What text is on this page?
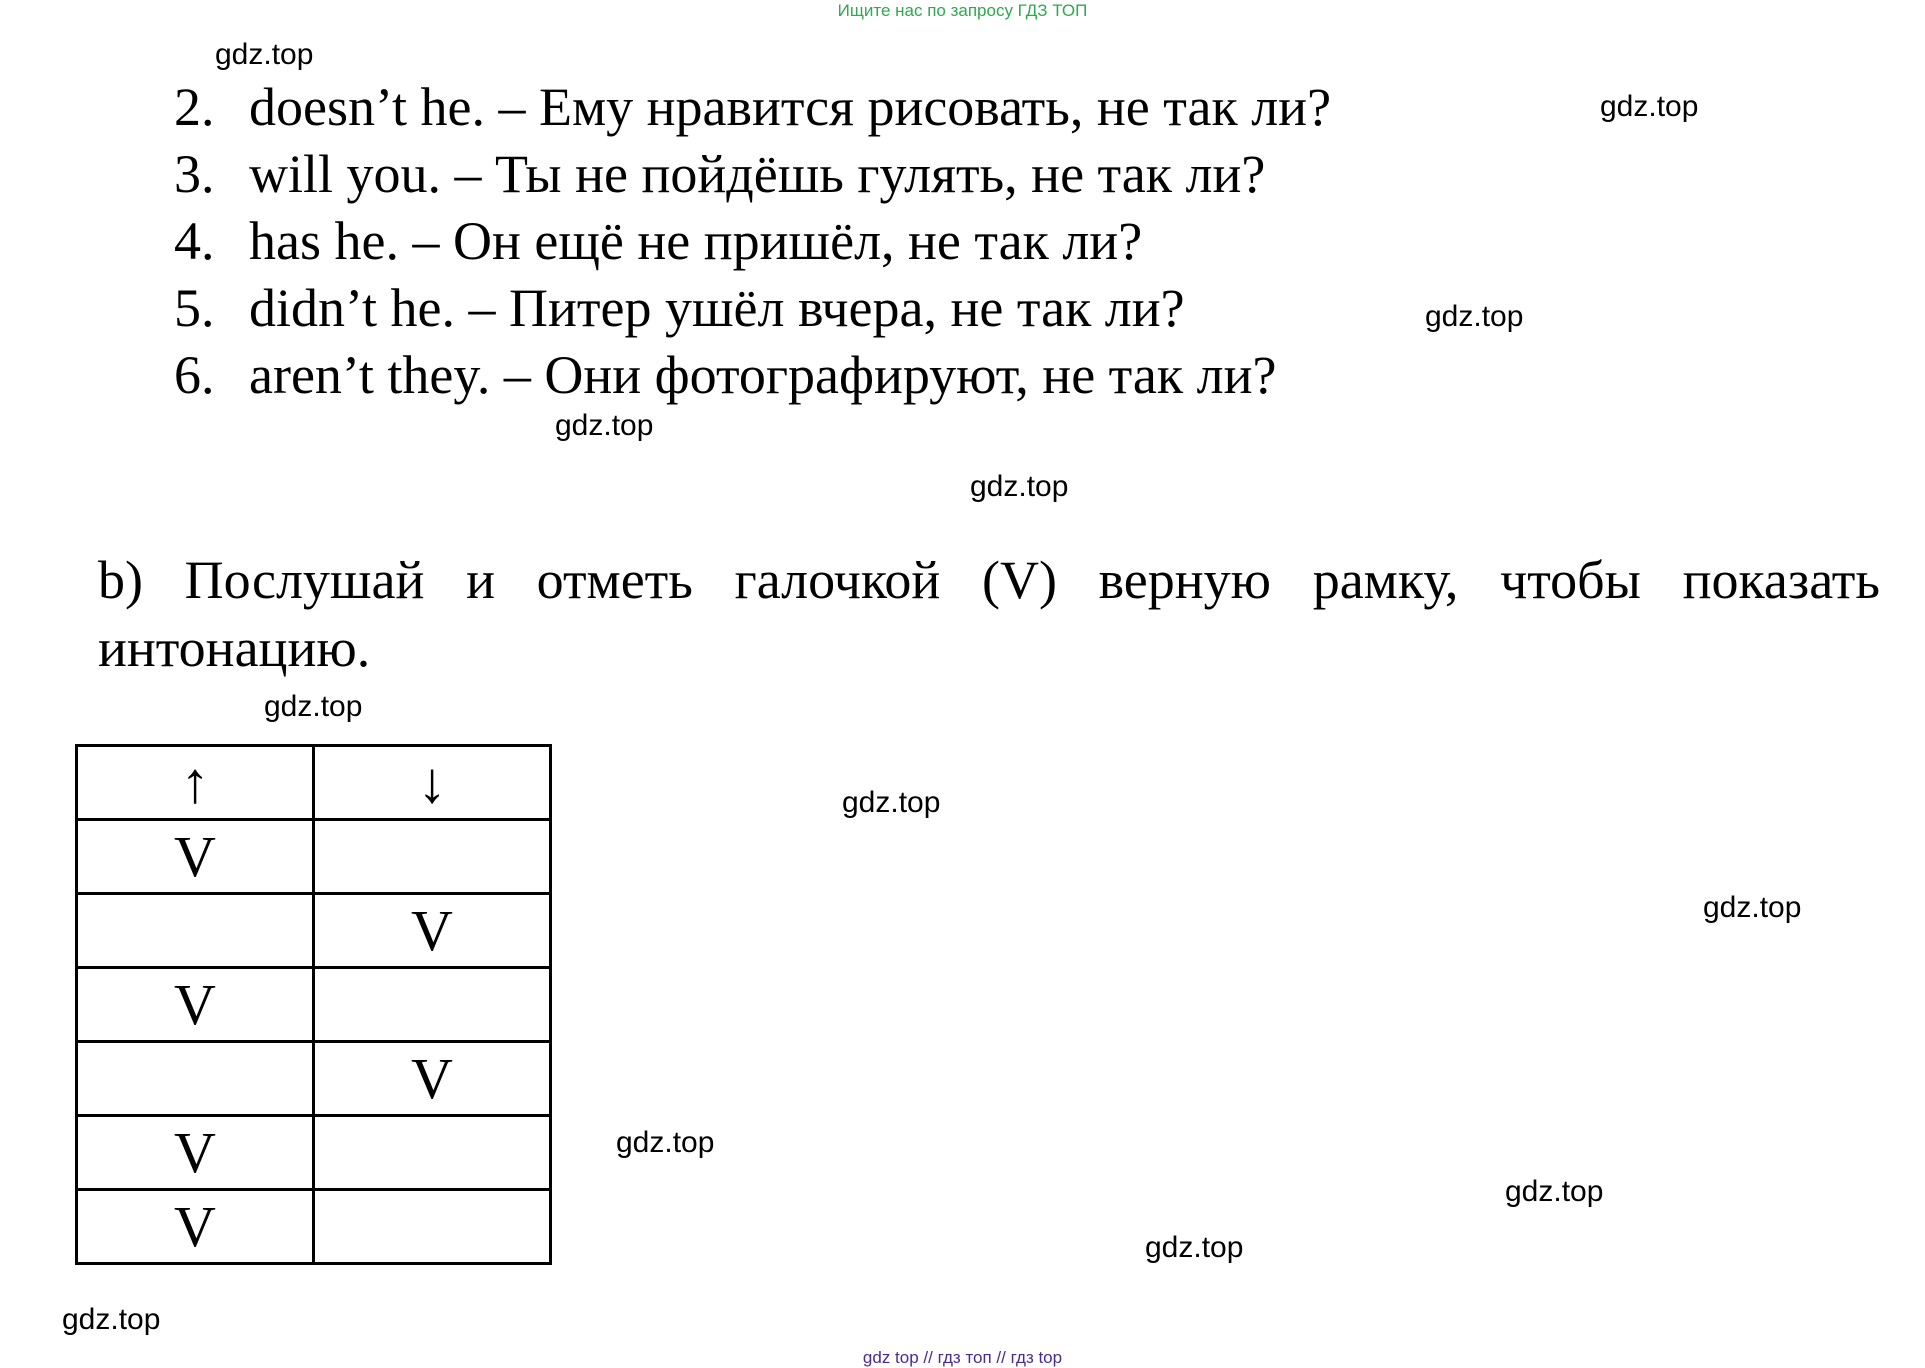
Ищите нас по запросу ГДЗ ТОП
2. doesn’t he. – Ему нравится рисовать, не так ли?
3. will you. – Ты не пойдёшь гулять, не так ли?
4. has he. – Он ещё не пришёл, не так ли?
5. didn’t he. – Питер ушёл вчера, не так ли?
6. aren’t they. – Они фотографируют, не так ли?
b) Послушай и отметь галочкой (V) верную рамку, чтобы показать интонацию.
↑	↓
V	
	V
V	
	V
V	
V	
gdz.top
gdz.top
gdz.top
gdz.top
gdz.top
gdz.top
gdz.top
gdz.top
gdz.top
gdz.top
gdz.top
gdz.top
gdz top // гдз топ // гдз top
